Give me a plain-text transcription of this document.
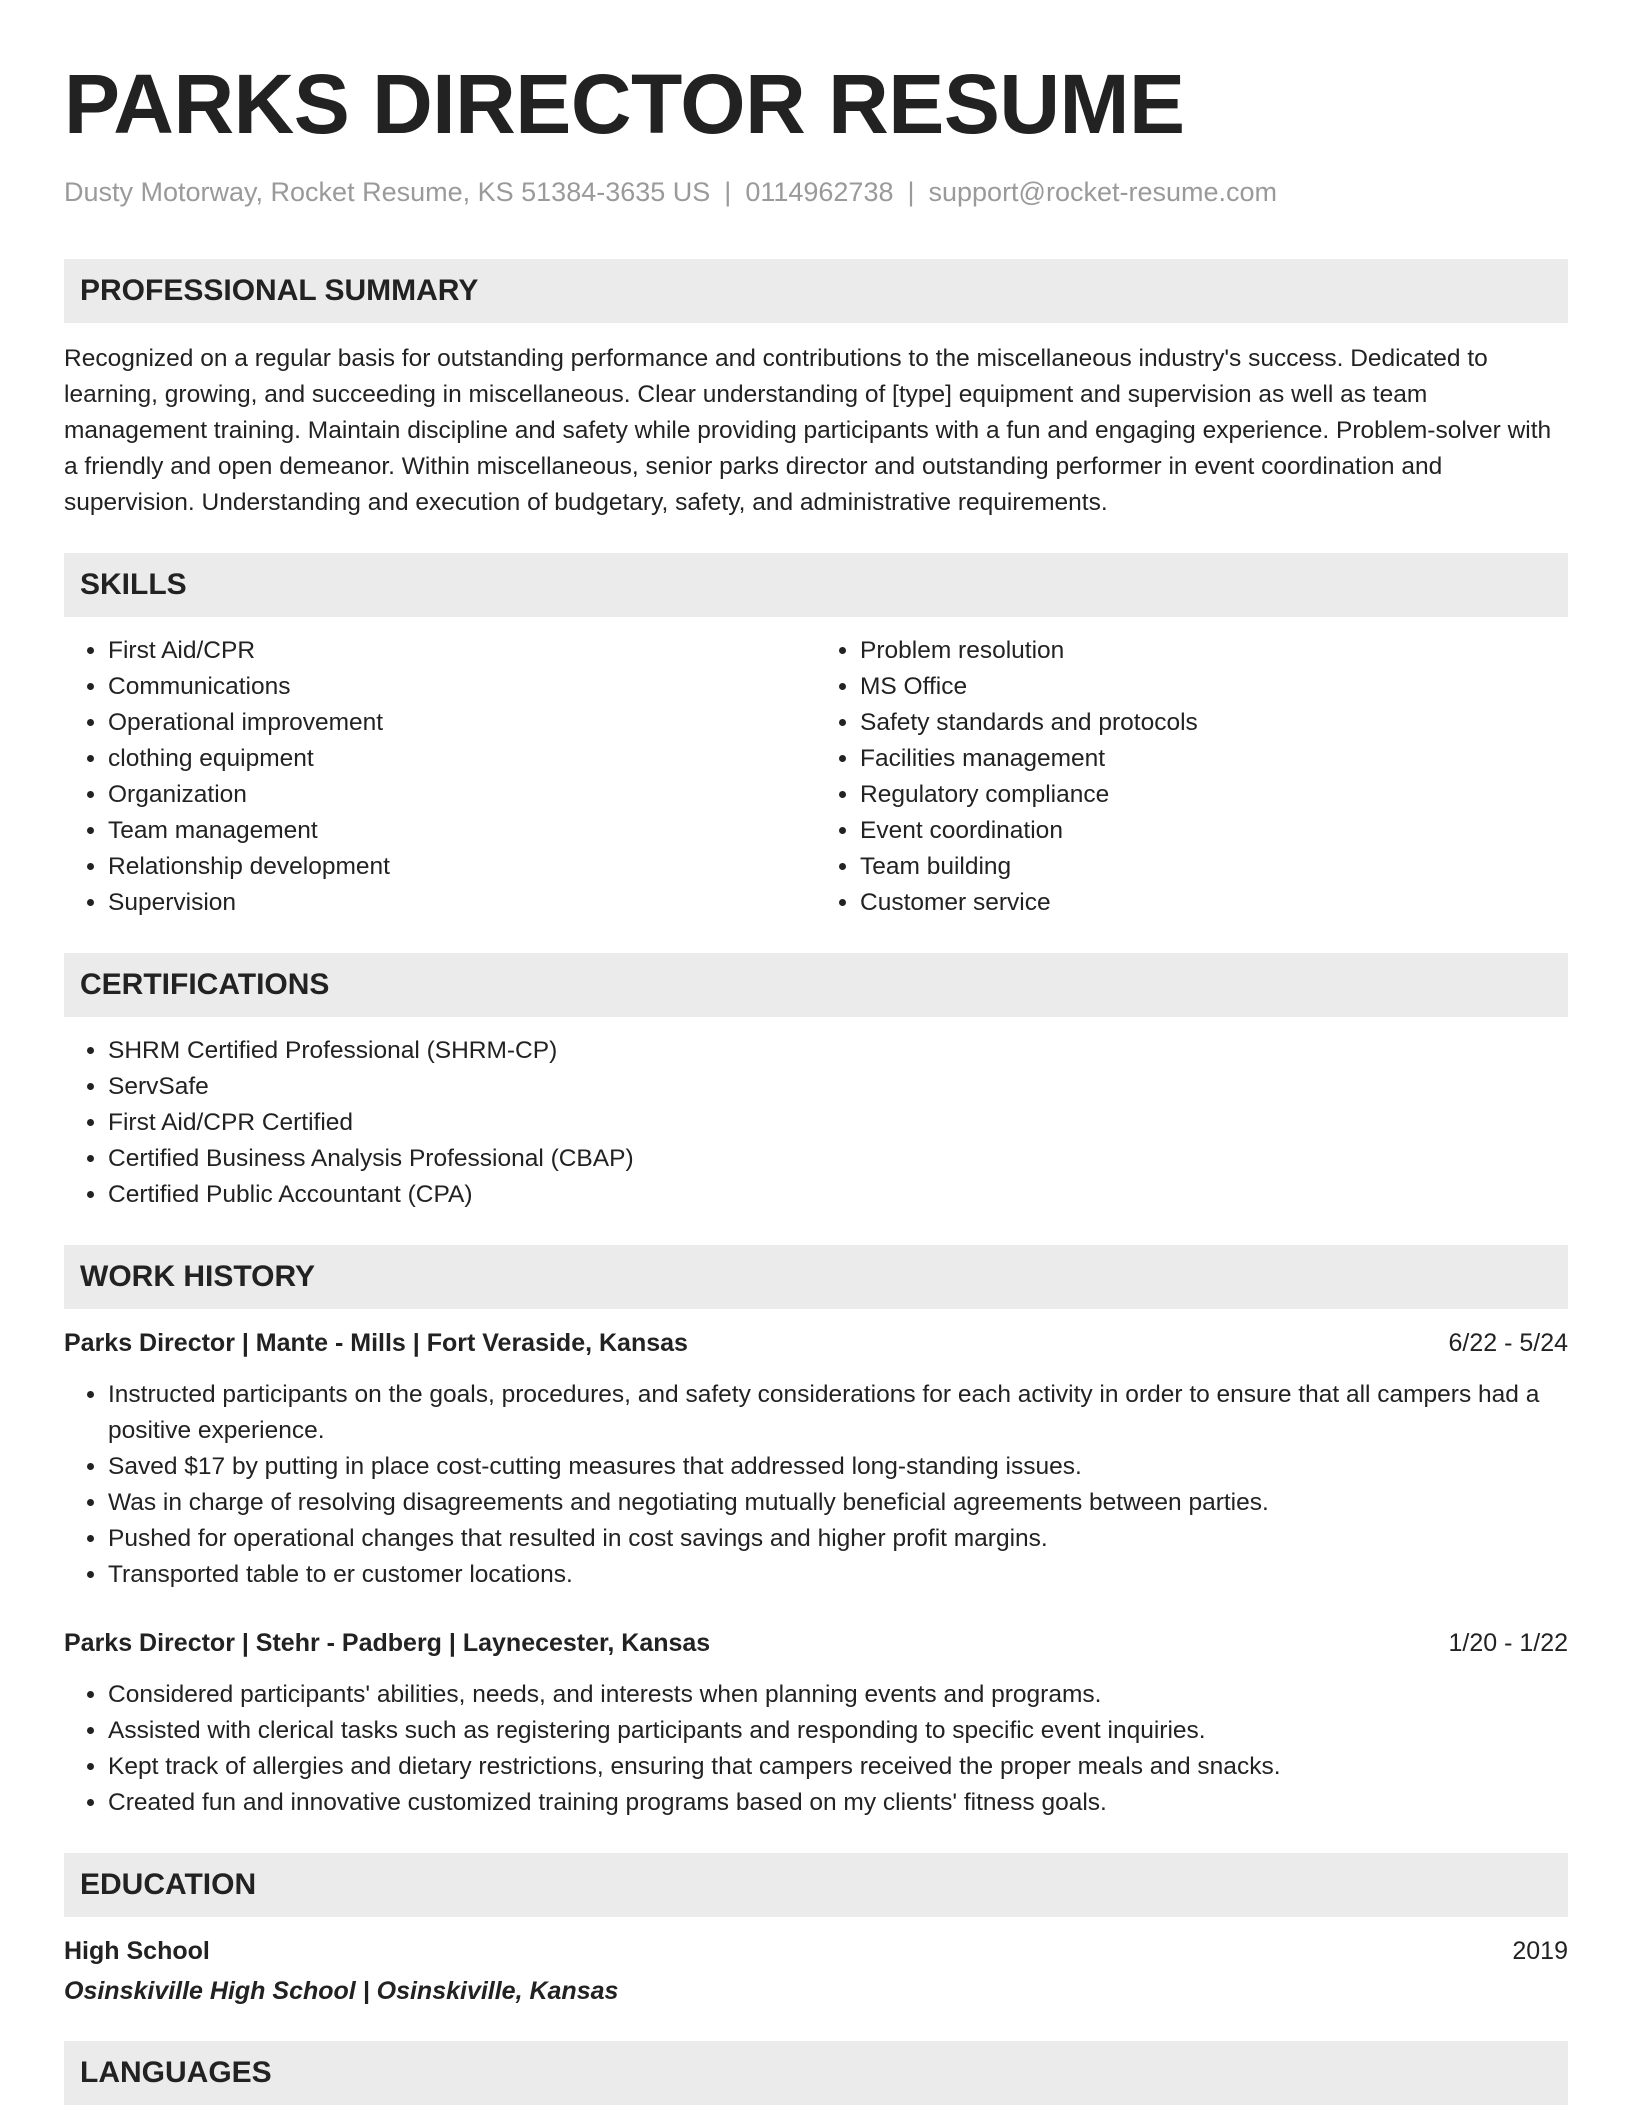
PARKS DIRECTOR RESUME
Dusty Motorway, Rocket Resume, KS 51384-3635 US | 0114962738 | support@rocket-resume.com
PROFESSIONAL SUMMARY

Recognized on a regular basis for outstanding performance and contributions to the miscellaneous industry's success. Dedicated to learning, growing, and succeeding in miscellaneous. Clear understanding of [type] equipment and supervision as well as team management training. Maintain discipline and safety while providing participants with a fun and engaging experience. Problem-solver with a friendly and open demeanor. Within miscellaneous, senior parks director and outstanding performer in event coordination and supervision. Understanding and execution of budgetary, safety, and administrative requirements.

SKILLS
• First Aid/CPR
• Communications
• Operational improvement
• clothing equipment
• Organization
• Team management
• Relationship development
• Supervision
• Problem resolution
• MS Office
• Safety standards and protocols
• Facilities management
• Regulatory compliance
• Event coordination
• Team building
• Customer service
CERTIFICATIONS
• SHRM Certified Professional (SHRM-CP)
• ServSafe
• First Aid/CPR Certified
• Certified Business Analysis Professional (CBAP)
• Certified Public Accountant (CPA)
WORK HISTORY
Parks Director | Mante - Mills | Fort Veraside, Kansas	6/22 - 5/24
• Instructed participants on the goals, procedures, and safety considerations for each activity in order to ensure that all campers had a positive experience.
• Saved $17 by putting in place cost-cutting measures that addressed long-standing issues.
• Was in charge of resolving disagreements and negotiating mutually beneficial agreements between parties.
• Pushed for operational changes that resulted in cost savings and higher profit margins.
• Transported table to er customer locations.
Parks Director | Stehr - Padberg | Laynecester, Kansas	1/20 - 1/22
• Considered participants' abilities, needs, and interests when planning events and programs.
• Assisted with clerical tasks such as registering participants and responding to specific event inquiries.
• Kept track of allergies and dietary restrictions, ensuring that campers received the proper meals and snacks.
• Created fun and innovative customized training programs based on my clients' fitness goals.
EDUCATION
High School	2019
Osinskiville High School | Osinskiville, Kansas
LANGUAGES
